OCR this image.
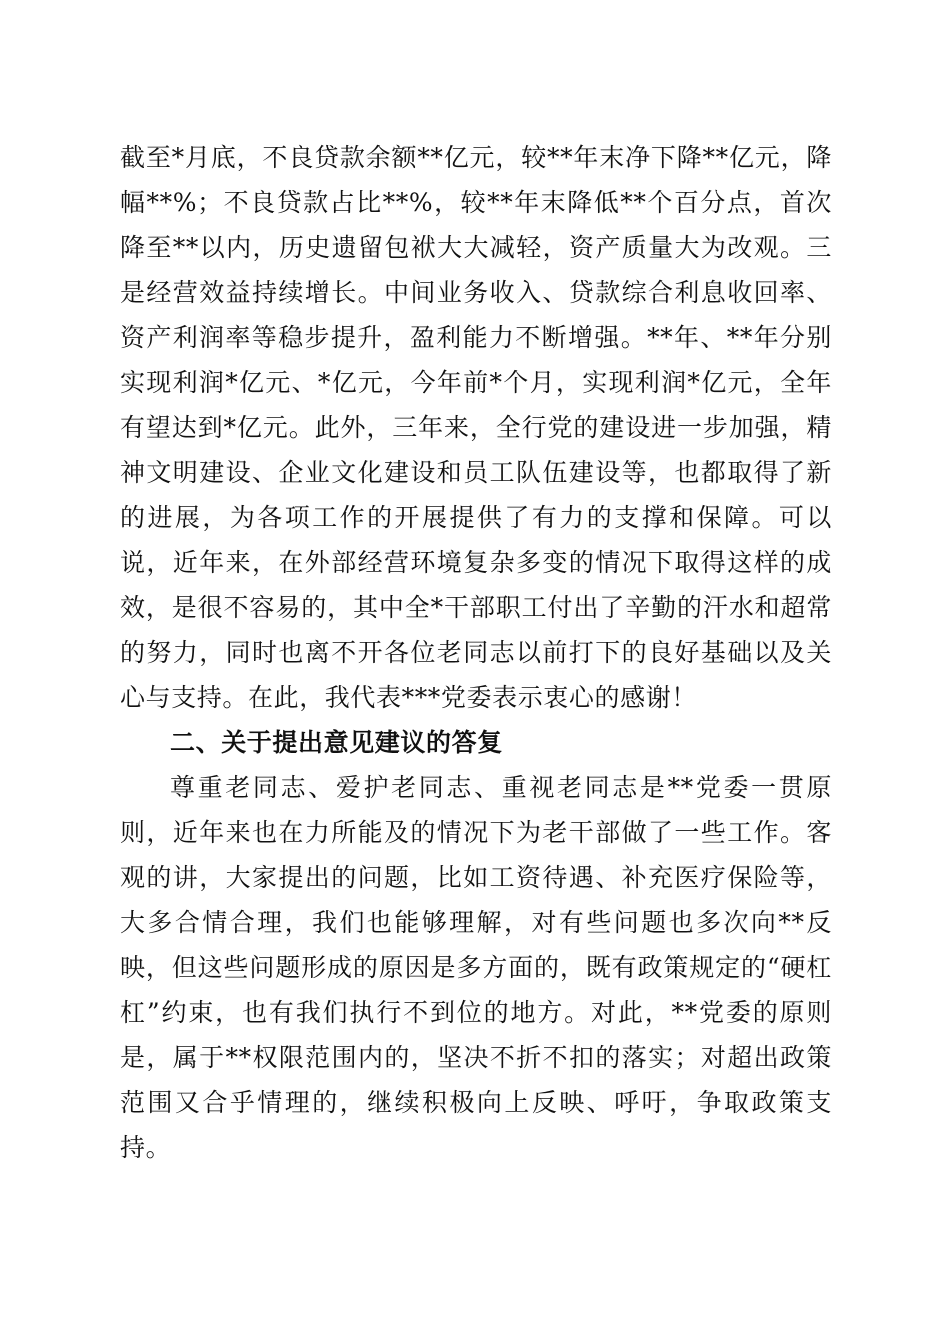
截至*月底，不良贷款余额**亿元，较**年末净下降**亿元，降幅**%；不良贷款占比**%，较**年末降低**个百分点，首次降至**以内，历史遗留包袱大大减轻，资产质量大为改观。三是经营效益持续增长。中间业务收入、贷款综合利息收回率、资产利润率等稳步提升，盈利能力不断增强。**年、**年分别实现利润*亿元、*亿元，今年前*个月，实现利润*亿元，全年有望达到*亿元。此外，三年来，全行党的建设进一步加强，精神文明建设、企业文化建设和员工队伍建设等，也都取得了新的进展，为各项工作的开展提供了有力的支撑和保障。可以说，近年来，在外部经营环境复杂多变的情况下取得这样的成效，是很不容易的，其中全*干部职工付出了辛勤的汗水和超常的努力，同时也离不开各位老同志以前打下的良好基础以及关心与支持。在此，我代表***党委表示衷心的感谢！

二、关于提出意见建议的答复

尊重老同志、爱护老同志、重视老同志是**党委一贯原则，近年来也在力所能及的情况下为老干部做了一些工作。客观的讲，大家提出的问题，比如工资待遇、补充医疗保险等，大多合情合理，我们也能够理解，对有些问题也多次向**反映，但这些问题形成的原因是多方面的，既有政策规定的“硬杠杠”约束，也有我们执行不到位的地方。对此，**党委的原则是，属于**权限范围内的，坚决不折不扣的落实；对超出政策范围又合乎情理的，继续积极向上反映、呼吁，争取政策支持。
